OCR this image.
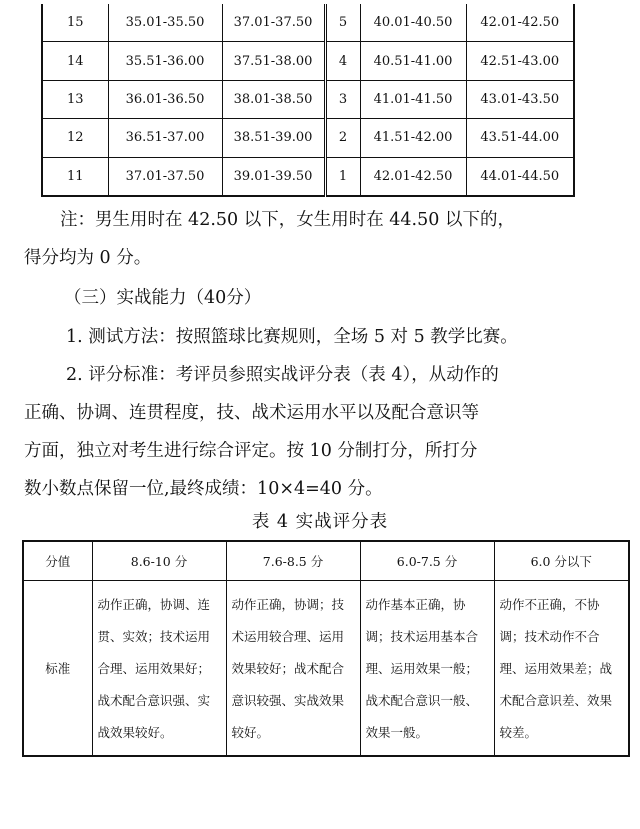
15	35.01-35.50	37.01-37.50	5	40.01-40.50	42.01-42.50
14	35.51-36.00	37.51-38.00	4	40.51-41.00	42.51-43.00
13	36.01-36.50	38.01-38.50	3	41.01-41.50	43.01-43.50
12	36.51-37.00	38.51-39.00	2	41.51-42.00	43.51-44.00
11	37.01-37.50	39.01-39.50	1	42.01-42.50	44.01-44.50
注：男生用时在 42.50 以下，女生用时在 44.50 以下的，
得分均为 0 分。
（三）实战能力（40分）
1. 测试方法：按照篮球比赛规则，全场 5 对 5 教学比赛。
2. 评分标准：考评员参照实战评分表（表 4），从动作的
正确、协调、连贯程度，技、战术运用水平以及配合意识等
方面，独立对考生进行综合评定。按 10 分制打分，所打分
数小数点保留一位,最终成绩：10×4=40 分。
表 4 实战评分表
分值	8.6-10 分	7.6-8.5 分	6.0-7.5 分	6.0 分以下
标准	动作正确，协调、连贯、实效；技术运用合理、运用效果好；战术配合意识强、实战效果较好。	动作正确，协调；技术运用较合理、运用效果较好；战术配合意识较强、实战效果较好。	动作基本正确，协调；技术运用基本合理、运用效果一般；战术配合意识一般、效果一般。	动作不正确，不协调；技术动作不合理、运用效果差；战术配合意识差、效果较差。
